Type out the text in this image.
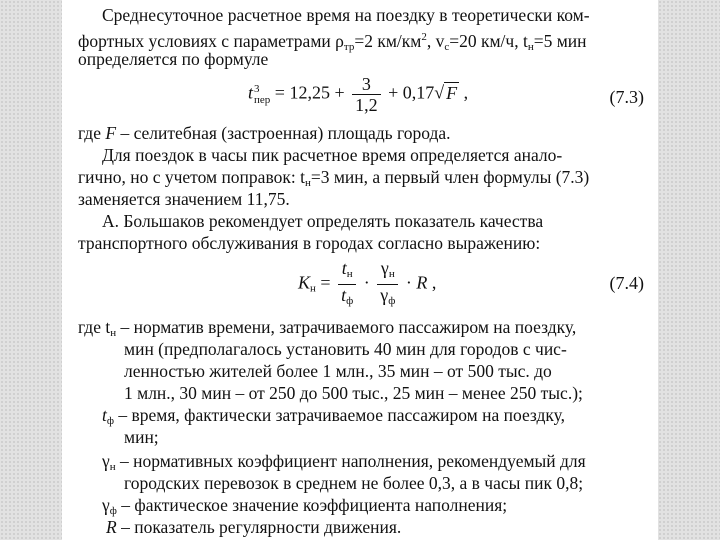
Среднесуточное расчетное время на поездку в теоретически ком-
фортных условиях с параметрами $\rho_{тр}=2$ $км/км^2$, $v_с=20$ км/ч, $t_н=5$ мин
определяется по формуле
t 3
пер = $12,25 + \frac{3}{1,2} + 0,17√$ F ,	(7.3)
где F – селитебная (застроенная) площадь города.
Для поездок в часы пик расчетное время определяется анало-
гично, но с учетом поправок: $t_н=3$ мин, а первый член формулы (7.3)
заменяется значением 11,75.
А. Большаков рекомендует определять показатель качества
транспортного обслуживания в городах согласно выражению:
$K_н = \frac{t_н}{t_ф} \cdot \frac{\gamma_н}{\gamma_ф} \cdot R$ ,	(7.4)
где $t_н$ – норматив времени, затрачиваемого пассажиром на поездку,
мин (предполагалось установить 40 мин для городов с чис-
ленностью жителей более 1 млн., 35 мин – от 500 тыс. до
1 млн., 30 мин – от 250 до 500 тыс., 25 мин – менее 250 тыс.);
$t_ф$ – время, фактически затрачиваемое пассажиром на поездку,
мин;
$\gamma_н$ – нормативных коэффициент наполнения, рекомендуемый для
городских перевозок в среднем не более 0,3, а в часы пик 0,8;
$\gamma_ф$ – фактическое значение коэффициента наполнения;
R – показатель регулярности движения.
